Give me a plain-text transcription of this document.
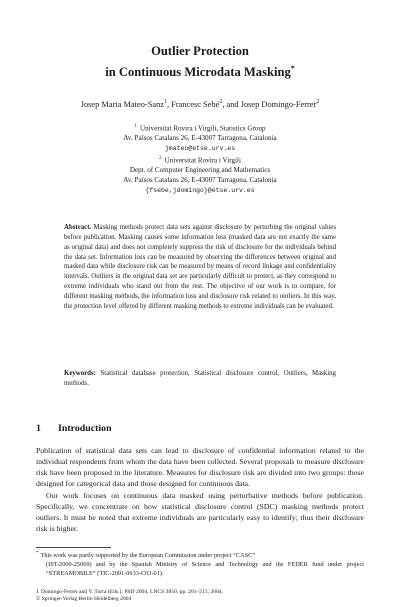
Outlier Protection
in Continuous Microdata Masking*
Josep Maria Mateo-Sanz$^1$, Francesc Sebé$^2$, and Josep Domingo-Ferrer$^2$
$^1$ Universitat Rovira i Virgili, Statistics Group
Av. Països Catalans 26, E-43007 Tarragona, Catalonia
jmateo@etse.urv.es
$^2$ Universitat Rovira i Virgili
Dept. of Computer Engineering and Mathematics
Av. Països Catalans 26, E-43007 Tarragona, Catalonia
{fsebe,jdomingo}@etse.urv.es
Abstract. Masking methods protect data sets against disclosure by perturbing the original values before publication. Masking causes some information loss (masked data are not exactly the same as original data) and does not completely suppress the risk of disclosure for the individuals behind the data set. Information loss can be measured by observing the differences between original and masked data while disclosure risk can be measured by means of record linkage and confidentiality intervals. Outliers in the original data set are particularly difficult to protect, as they correspond to extreme individuals who stand out from the rest. The objective of our work is to compare, for different masking methods, the information loss and disclosure risk related to outliers. In this way, the protection level offered by different masking methods to extreme individuals can be evaluated.
Keywords: Statistical database protection, Statistical disclosure control, Outliers, Masking methods.
1 Introduction
Publication of statistical data sets can lead to disclosure of confidential information related to the individual respondents from whom the data have been collected. Several proposals to measure disclosure risk have been proposed in the literature. Measures for disclosure risk are divided into two groups: those designed for categorical data and those designed for continuous data.
Our work focuses on continuous data masked using perturbative methods before publication. Specifically, we concentrate on how statistical disclosure control (SDC) masking methods protect outliers. It must be noted that extreme individuals are particularly easy to identify; thus their disclosure risk is higher.
* This work was partly supported by the European Commission under project “CASC”
(IST-2000-25069) and by the Spanish Ministry of Science and Technology and the FEDER fund under project “STREAMOBILE” (TIC-2001-0633-C03-01).
J. Domingo-Ferrer and V. Torra (Eds.): PSD 2004, LNCS 3050, pp. 201–215, 2004.
© Springer-Verlag Berlin Heidelberg 2004
